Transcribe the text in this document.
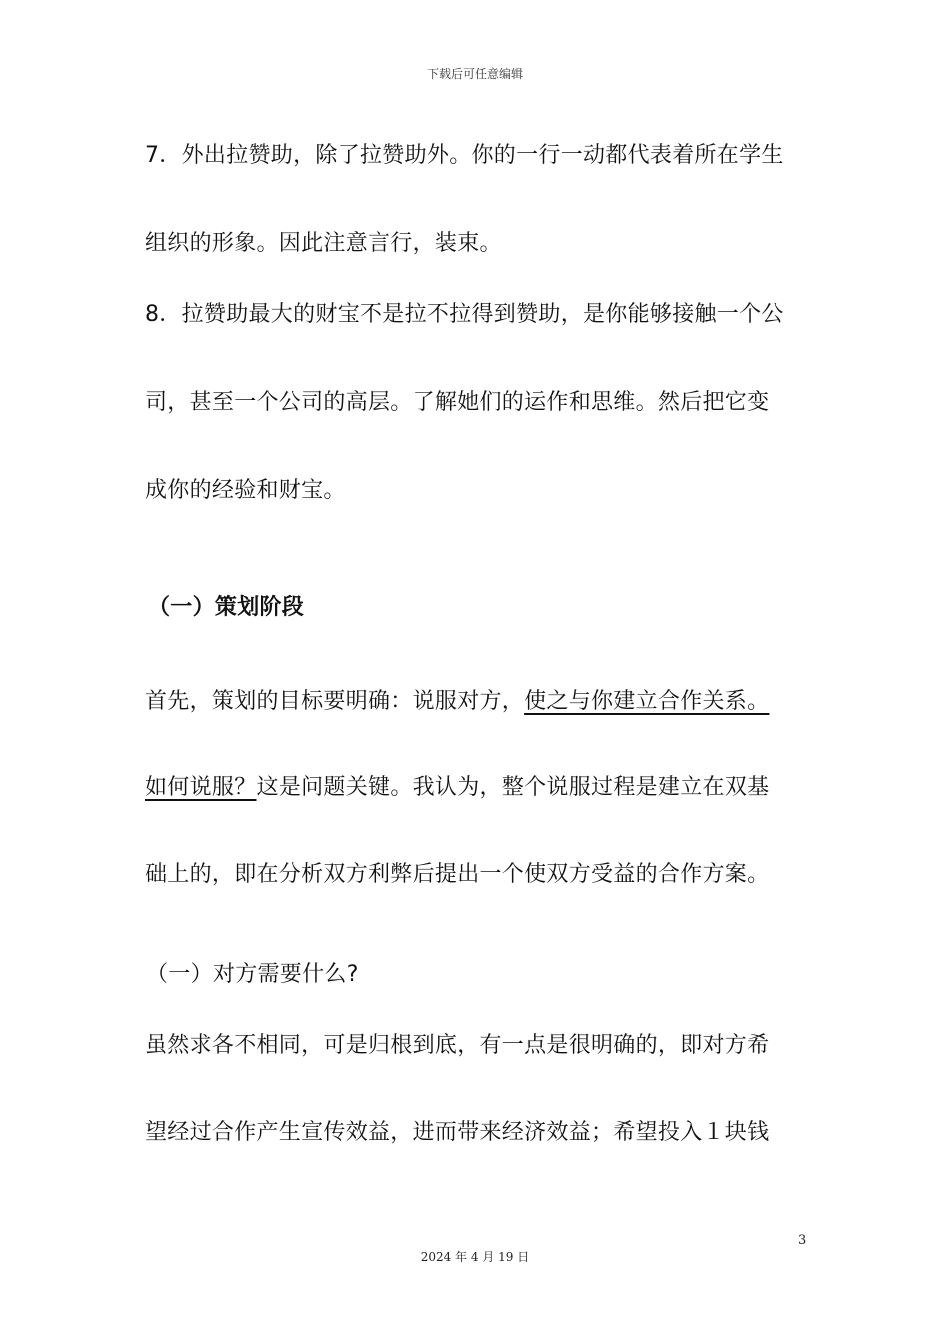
下载后可任意编辑
7．外出拉赞助，除了拉赞助外。你的一行一动都代表着所在学生
组织的形象。因此注意言行，装束。
8．拉赞助最大的财宝不是拉不拉得到赞助，是你能够接触一个公
司，甚至一个公司的高层。了解她们的运作和思维。然后把它变
成你的经验和财宝。
（一）策划阶段
首先，策划的目标要明确：说服对方，使之与你建立合作关系。
如何说服？这是问题关键。我认为，整个说服过程是建立在双基
础上的，即在分析双方利弊后提出一个使双方受益的合作方案。
（一）对方需要什么?
虽然求各不相同，可是归根到底，有一点是很明确的，即对方希
望经过合作产生宣传效益，进而带来经济效益；希望投入１块钱
3
2024 年 4 月 19 日
